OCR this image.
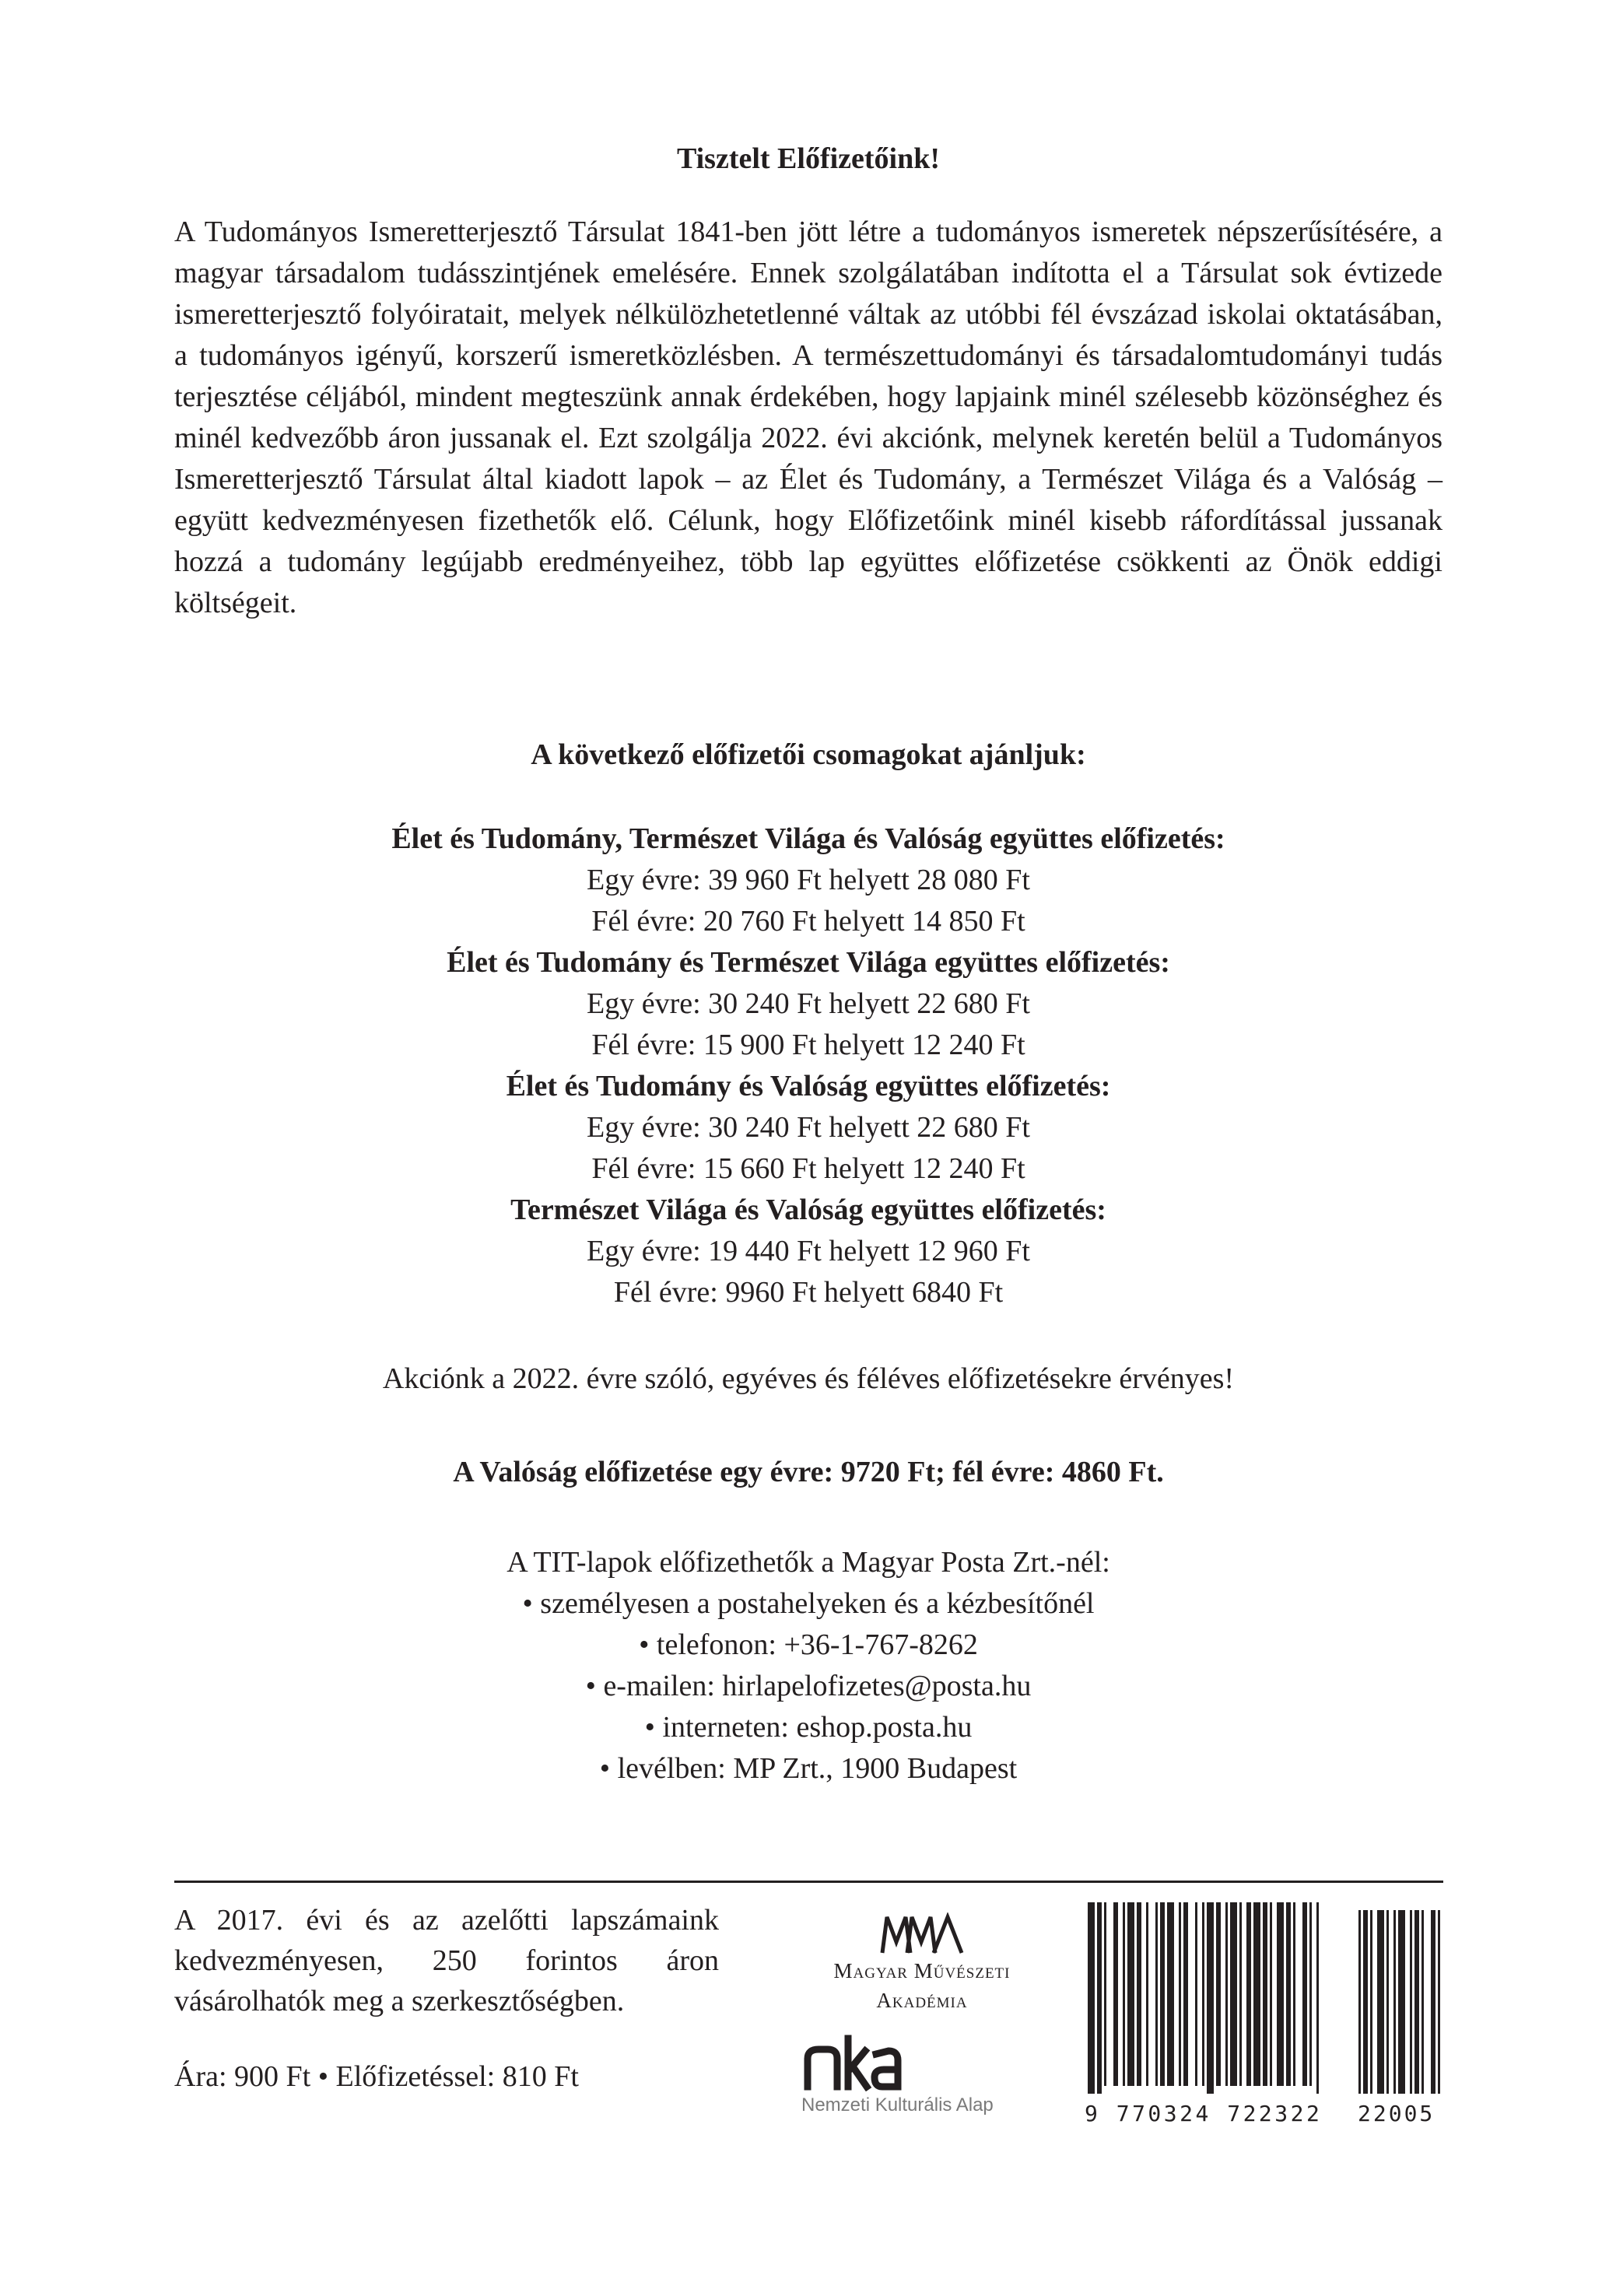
Tisztelt Előfizetőink!

A Tudományos Ismeretterjesztő Társulat 1841-ben jött létre a tudományos ismeretek népszerűsítésére, a magyar társadalom tudásszintjének emelésére. Ennek szolgálatában indította el a Társulat sok évtizede ismeretterjesztő folyóiratait, melyek nélkülözhetetlenné váltak az utóbbi fél évszázad iskolai oktatásában, a tudományos igényű, korszerű ismeretközlésben. A természettudományi és társadalomtudományi tudás terjesztése céljából, mindent megteszünk annak érdekében, hogy lapjaink minél szélesebb közönséghez és minél kedvezőbb áron jussanak el. Ezt szolgálja 2022. évi akciónk, melynek keretén belül a Tudományos Ismeretterjesztő Társulat által kiadott lapok – az Élet és Tudomány, a Természet Világa és a Valóság – együtt kedvezményesen fizethetők elő. Célunk, hogy Előfizetőink minél kisebb ráfordítással jussanak hozzá a tudomány legújabb eredményeihez, több lap együttes előfizetése csökkenti az Önök eddigi költségeit.

A következő előfizetői csomagokat ajánljuk:
Élet és Tudomány, Természet Világa és Valóság együttes előfizetés:
Egy évre: 39 960 Ft helyett 28 080 Ft
Fél évre: 20 760 Ft helyett 14 850 Ft
Élet és Tudomány és Természet Világa együttes előfizetés:
Egy évre: 30 240 Ft helyett 22 680 Ft
Fél évre: 15 900 Ft helyett 12 240 Ft
Élet és Tudomány és Valóság együttes előfizetés:
Egy évre: 30 240 Ft helyett 22 680 Ft
Fél évre: 15 660 Ft helyett 12 240 Ft
Természet Világa és Valóság együttes előfizetés:
Egy évre: 19 440 Ft helyett 12 960 Ft
Fél évre: 9960 Ft helyett 6840 Ft
Akciónk a 2022. évre szóló, egyéves és féléves előfizetésekre érvényes!
A Valóság előfizetése egy évre: 9720 Ft; fél évre: 4860 Ft.
A TIT-lapok előfizethetők a Magyar Posta Zrt.-nél:
• személyesen a postahelyeken és a kézbesítőnél
• telefonon: +36-1-767-8262
• e-mailen: hirlapelofizetes@posta.hu
• interneten: eshop.posta.hu
• levélben: MP Zrt., 1900 Budapest

A 2017. évi és az azelőtti lapszámaink kedvezményesen, 250 forintos áron vásárolhatók meg a szerkesztőségben.

Ára: 900 Ft • Előfizetéssel: 810 Ft
Magyar Művészeti
Akadémia
Nemzeti Kulturális Alap	9 770324 722322	22005
